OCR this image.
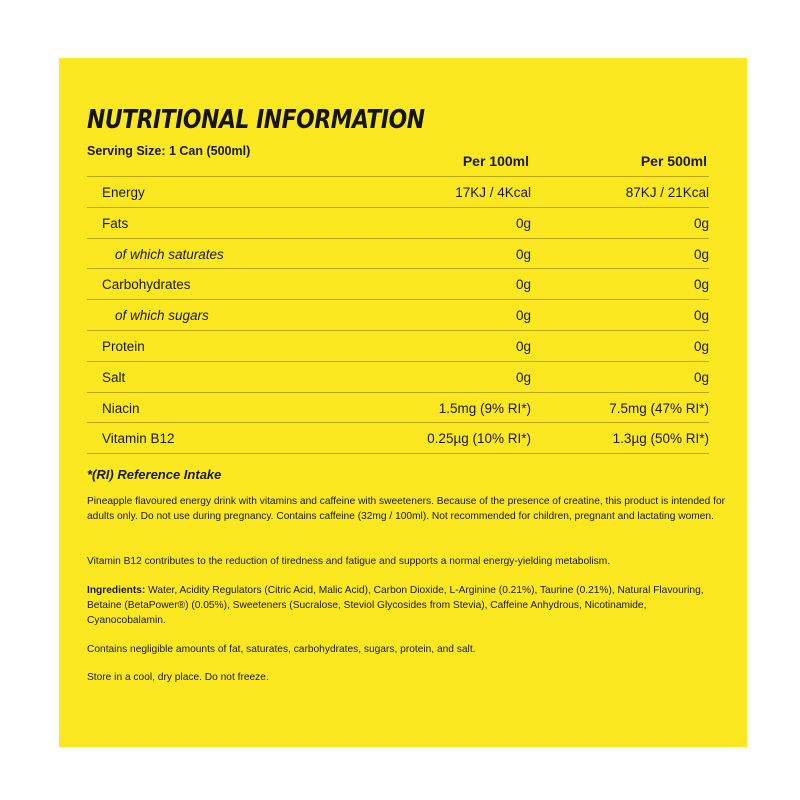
NUTRITIONAL INFORMATION
Serving Size: 1 Can (500ml)
Per 100ml	Per 500ml
Energy	17KJ / 4Kcal	87KJ / 21Kcal
Fats	0g	0g
of which saturates	0g	0g
Carbohydrates	0g	0g
of which sugars	0g	0g
Protein	0g	0g
Salt	0g	0g
Niacin	1.5mg (9% RI*)	7.5mg (47% RI*)
Vitamin B12	0.25µg (10% RI*)	1.3µg (50% RI*)
*(RI) Reference Intake

Pineapple flavoured energy drink with vitamins and caffeine with sweeteners. Because of the presence of creatine, this product is intended for adults only. Do not use during pregnancy. Contains caffeine (32mg / 100ml). Not recommended for children, pregnant and lactating women.

Vitamin B12 contributes to the reduction of tiredness and fatigue and supports a normal energy-yielding metabolism.

Ingredients: Water, Acidity Regulators (Citric Acid, Malic Acid), Carbon Dioxide, L-Arginine (0.21%), Taurine (0.21%), Natural Flavouring, Betaine (BetaPower®) (0.05%), Sweeteners (Sucralose, Steviol Glycosides from Stevia), Caffeine Anhydrous, Nicotinamide, Cyanocobalamin.

Contains negligible amounts of fat, saturates, carbohydrates, sugars, protein, and salt.

Store in a cool, dry place. Do not freeze.
